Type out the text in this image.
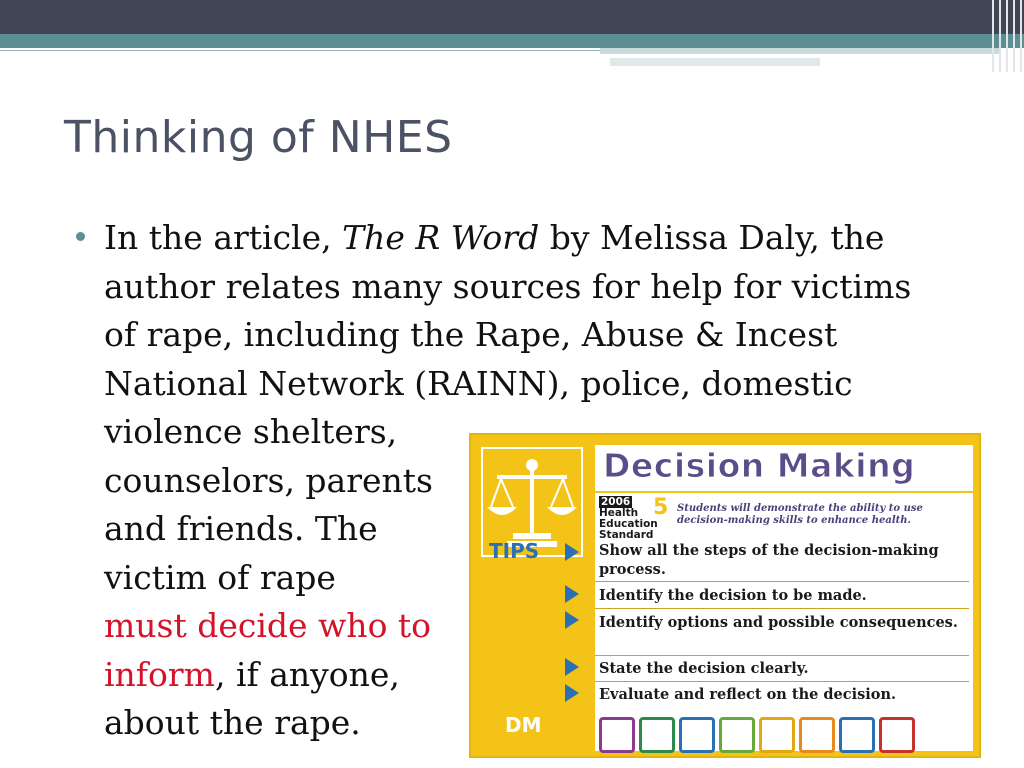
Thinking of NHES

In the article, The R Word by Melissa Daly, the
author relates many sources for help for victims
of rape, including the Rape, Abuse & Incest
National Network (RAINN), police, domestic
violence shelters,
counselors, parents
and friends. The
victim of rape
must decide who to
inform, if anyone,
about the rape.

Decision Making
2006 Health
Education
Standard
5 Students will demonstrate the ability to use decision-making skills to enhance health.
TIPS	Show all the steps of the decision-making process.
Identify the decision to be made.
Identify options and possible consequences.
State the decision clearly.
Evaluate and reflect on the decision.
DM
